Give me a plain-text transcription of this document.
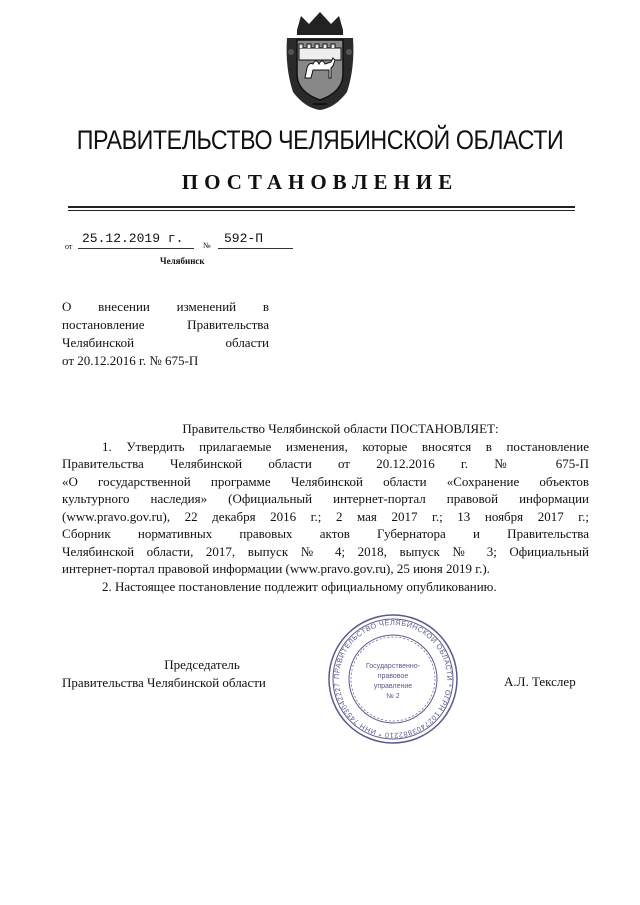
ПРАВИТЕЛЬСТВО ЧЕЛЯБИНСКОЙ ОБЛАСТИ
ПОСТАНОВЛЕНИЕ
от
25.12.2019 г. № 592-П
Челябинск
О внесении изменений в
постановление Правительства
Челябинской области
от 20.12.2016 г. № 675-П
Правительство Челябинской области ПОСТАНОВЛЯЕТ:
1. Утвердить прилагаемые изменения, которые вносятся в постановление
Правительства Челябинской области от 20.12.2016 г. № 675-П
«О государственной программе Челябинской области «Сохранение объектов
культурного наследия» (Официальный интернет-портал правовой информации
(www.pravo.gov.ru), 22 декабря 2016 г.; 2 мая 2017 г.; 13 ноября 2017 г.;
Сборник нормативных правовых актов Губернатора и Правительства
Челябинской области, 2017, выпуск № 4; 2018, выпуск № 3; Официальный
интернет-портал правовой информации (www.pravo.gov.ru), 25 июня 2019 г.).
2. Настоящее постановление подлежит официальному опубликованию.
Председатель
Правительства Челябинской области	ПРАВИТЕЛЬСТВО ЧЕЛЯБИНСКОЙ ОБЛАСТИ * ОГРН 1027403882210 * ИНН 7453042227
Государственно-
правовое
управление
№ 2
А.Л. Текслер
